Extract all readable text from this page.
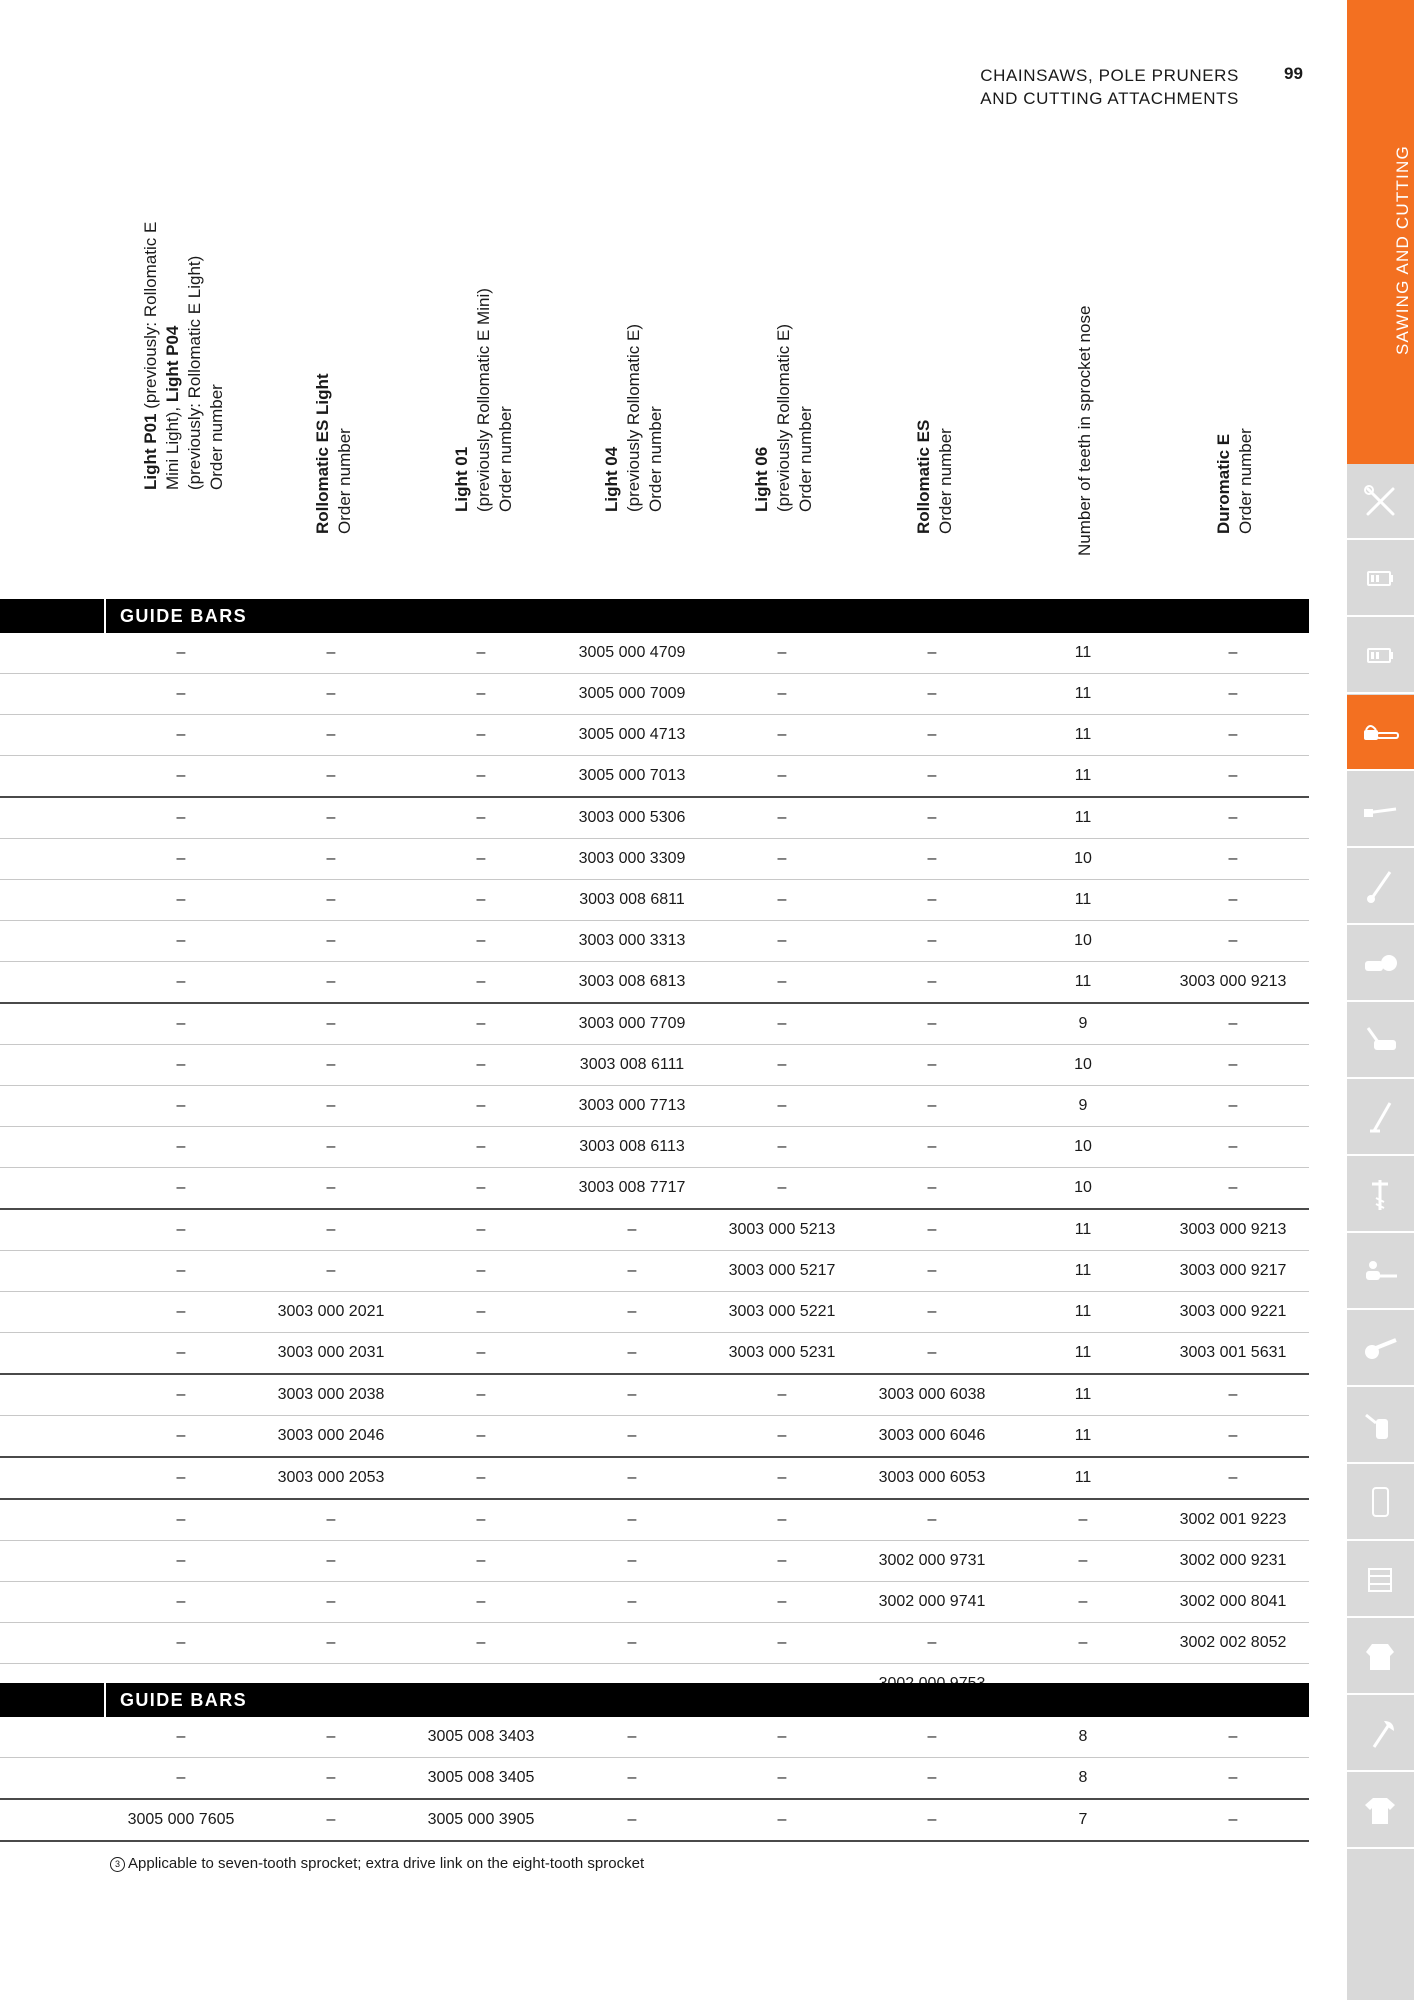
CHAINSAWS, POLE PRUNERS
AND CUTTING ATTACHMENTS
99
Light P01 (previously: Rollomatic E
Mini Light), Light P04 (previously: Rollomatic E Light) Order number	Rollomatic ES Light Order number	Light 01 (previously Rollomatic E Mini) Order number	Light 04 (previously Rollomatic E) Order number	Light 06 (previously Rollomatic E) Order number	Rollomatic ES Order number	Number of teeth in sprocket nose	Duromatic E Order number
GUIDE BARS
–	–	–	3005 000 4709	–	–	11	–
–	–	–	3005 000 7009	–	–	11	–
–	–	–	3005 000 4713	–	–	11	–
–	–	–	3005 000 7013	–	–	11	–
–	–	–	3003 000 5306	–	–	11	–
–	–	–	3003 000 3309	–	–	10	–
–	–	–	3003 008 6811	–	–	11	–
–	–	–	3003 000 3313	–	–	10	–
–	–	–	3003 008 6813	–	–	11	3003 000 9213
–	–	–	3003 000 7709	–	–	9	–
–	–	–	3003 008 6111	–	–	10	–
–	–	–	3003 000 7713	–	–	9	–
–	–	–	3003 008 6113	–	–	10	–
–	–	–	3003 008 7717	–	–	10	–
–	–	–	–	3003 000 5213	–	11	3003 000 9213
–	–	–	–	3003 000 5217	–	11	3003 000 9217
–	3003 000 2021	–	–	3003 000 5221	–	11	3003 000 9221
–	3003 000 2031	–	–	3003 000 5231	–	11	3003 001 5631
–	3003 000 2038	–	–	–	3003 000 6038	11	–
–	3003 000 2046	–	–	–	3003 000 6046	11	–
–	3003 000 2053	–	–	–	3003 000 6053	11	–
–	–	–	–	–	–	–	3002 001 9223
–	–	–	–	–	3002 000 9731	–	3002 000 9231
–	–	–	–	–	3002 000 9741	–	3002 000 8041
–	–	–	–	–	–	–	3002 002 8052
GUIDE BARS
–	–	3005 008 3403	–	–	–	8	–
–	–	3005 008 3405	–	–	–	8	–
3005 000 7605	–	3005 000 3905	–	–	–	7	–
3 Applicable to seven-tooth sprocket; extra drive link on the eight-tooth sprocket
SAWING AND CUTTING
